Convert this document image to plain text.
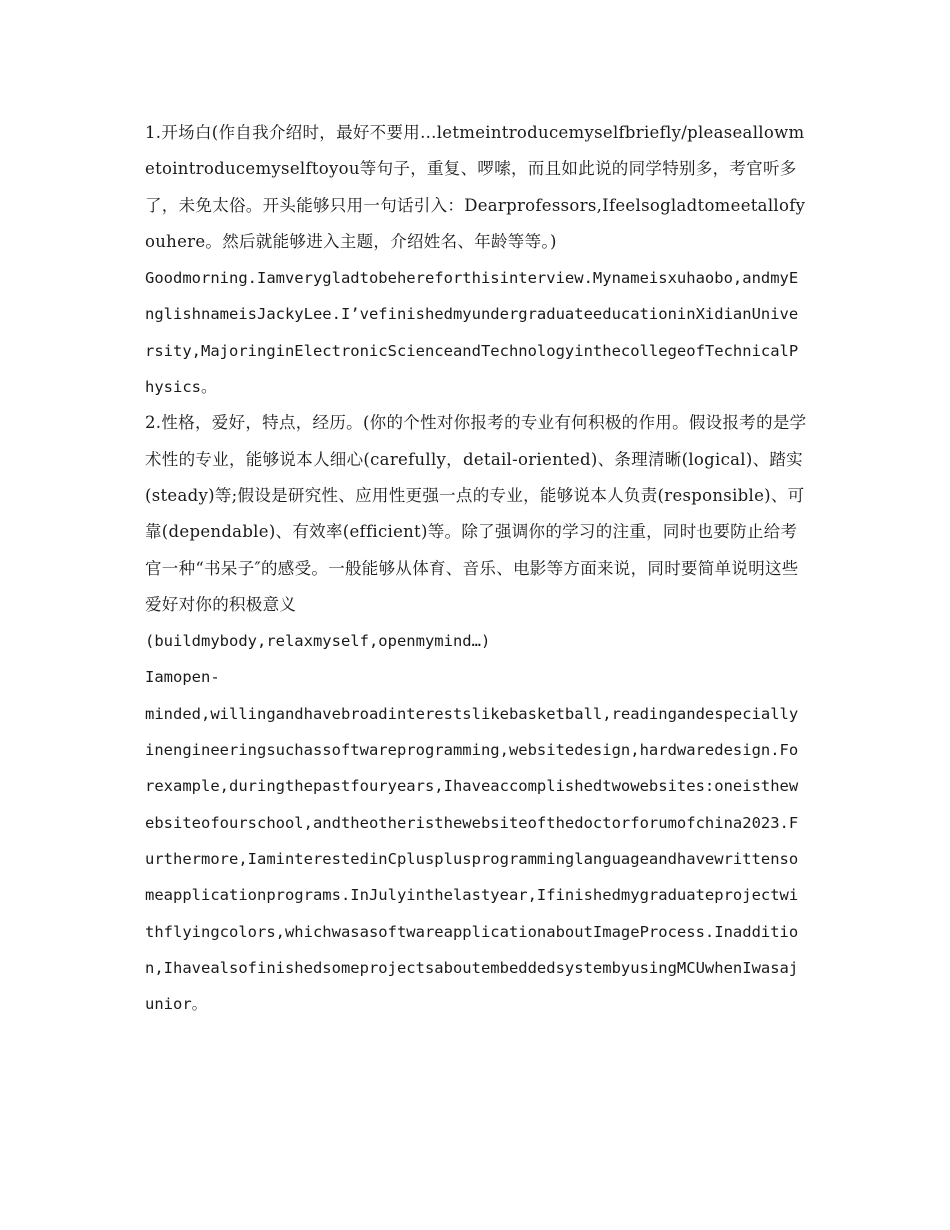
1.开场白(作自我介绍时，最好不要用...letmeintroducemyselfbriefly/pleaseallowmetointroducemyselftoyou等句子，重复、啰嗦，而且如此说的同学特别多，考官听多了，未免太俗。开头能够只用一句话引入：Dearprofessors,Ifeelsogladtomeetallofyouhere。然后就能够进入主题，介绍姓名、年龄等等。)

Goodmorning.Iamverygladtobehereforthisinterview.Mynameisxuhaobo,andmyEnglishnameisJackyLee.I’vefinishedmyundergraduateeducationinXidianUniversity,MajoringinElectronicScienceandTechnologyinthecollegeofTechnicalPhysics。

2.性格，爱好，特点，经历。(你的个性对你报考的专业有何积极的作用。假设报考的是学术性的专业，能够说本人细心(carefully，detail-oriented)、条理清晰(logical)、踏实(steady)等;假设是研究性、应用性更强一点的专业，能够说本人负责(responsible)、可靠(dependable)、有效率(efficient)等。除了强调你的学习的注重，同时也要防止给考官一种“书呆子″的感受。一般能够从体育、音乐、电影等方面来说，同时要简单说明这些爱好对你的积极意义

(buildmybody,relaxmyself,openmymind…)

Iamopen-

minded,willingandhavebroadinterestslikebasketball,readingandespeciallyinengineeringsuchassoftwareprogramming,websitedesign,hardwaredesign.Forexample,duringthepastfouryears,Ihaveaccomplishedtwowebsites:oneisthewebsiteofourschool,andtheotheristhewebsiteofthedoctorforumofchina2023.Furthermore,IaminterestedinCplusplusprogramminglanguageandhavewrittensomeapplicationprograms.InJulyinthelastyear,Ifinishedmygraduateprojectwithflyingcolors,whichwasasoftwareapplicationaboutImageProcess.Inaddition,IhavealsofinishedsomeprojectsaboutembeddedsystembyusingMCUwhenIwasajunior。
